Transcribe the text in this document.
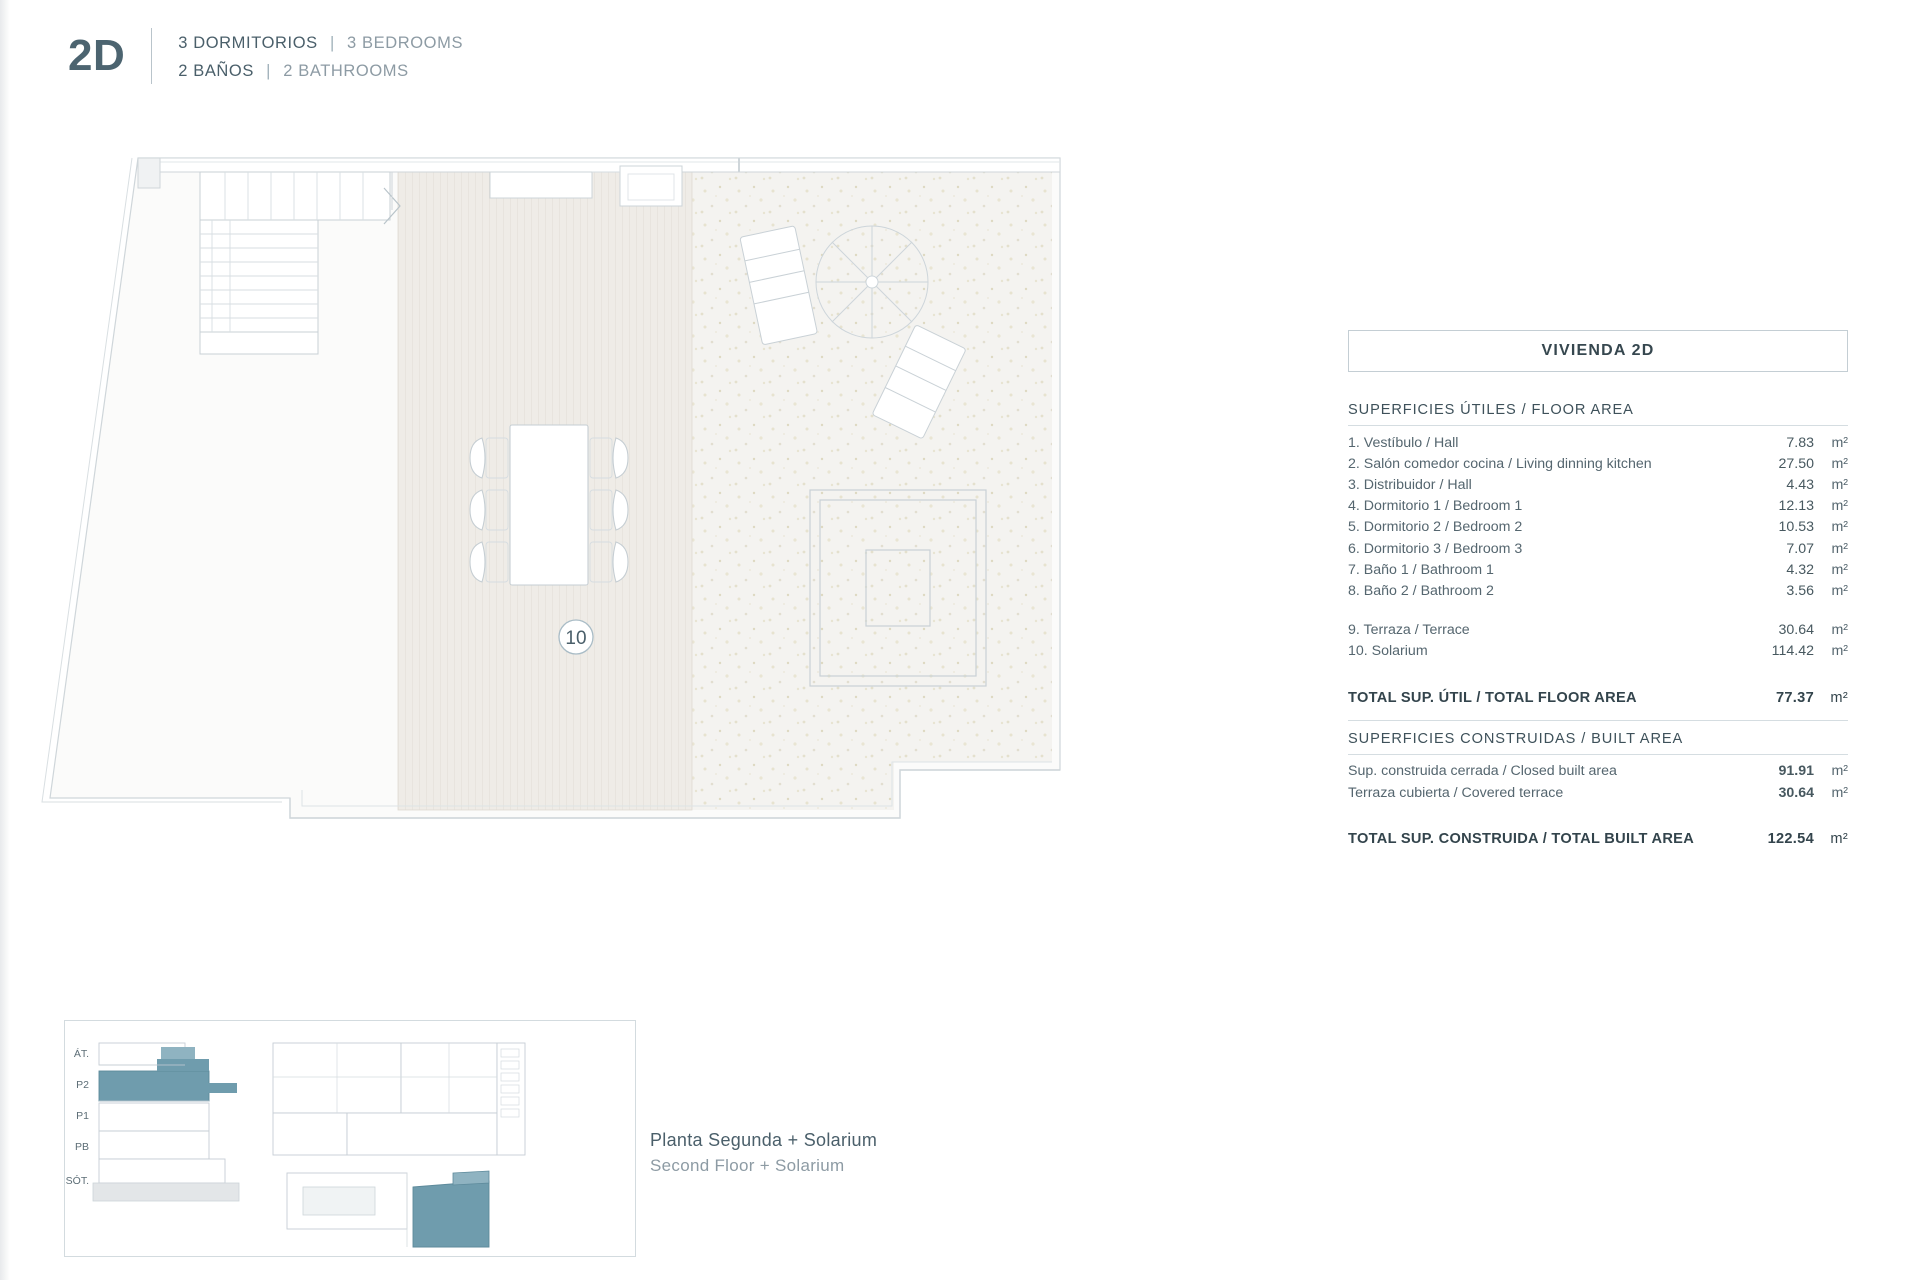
2D	3 DORMITORIOS | 3 BEDROOMS
2 BAÑOS | 2 BATHROOMS
10
VIVIENDA 2D
SUPERFICIES ÚTILES / FLOOR AREA
1. Vestíbulo / Hall	7.83	m²
2. Salón comedor cocina / Living dinning kitchen	27.50	m²
3. Distribuidor / Hall	4.43	m²
4. Dormitorio 1 / Bedroom 1	12.13	m²
5. Dormitorio 2 / Bedroom 2	10.53	m²
6. Dormitorio 3 / Bedroom 3	7.07	m²
7. Baño 1 / Bathroom 1	4.32	m²
8. Baño 2 / Bathroom 2	3.56	m²
9. Terraza / Terrace	30.64	m²
10. Solarium	114.42	m²
TOTAL SUP. ÚTIL / TOTAL FLOOR AREA	77.37	m²
SUPERFICIES CONSTRUIDAS / BUILT AREA
Sup. construida cerrada / Closed built area	91.91	m²
Terraza cubierta / Covered terrace	30.64	m²
TOTAL SUP. CONSTRUIDA / TOTAL BUILT AREA	122.54	m²
ÁT.
P2
P1
PB
SÓT.
Planta Segunda + Solarium
Second Floor + Solarium
